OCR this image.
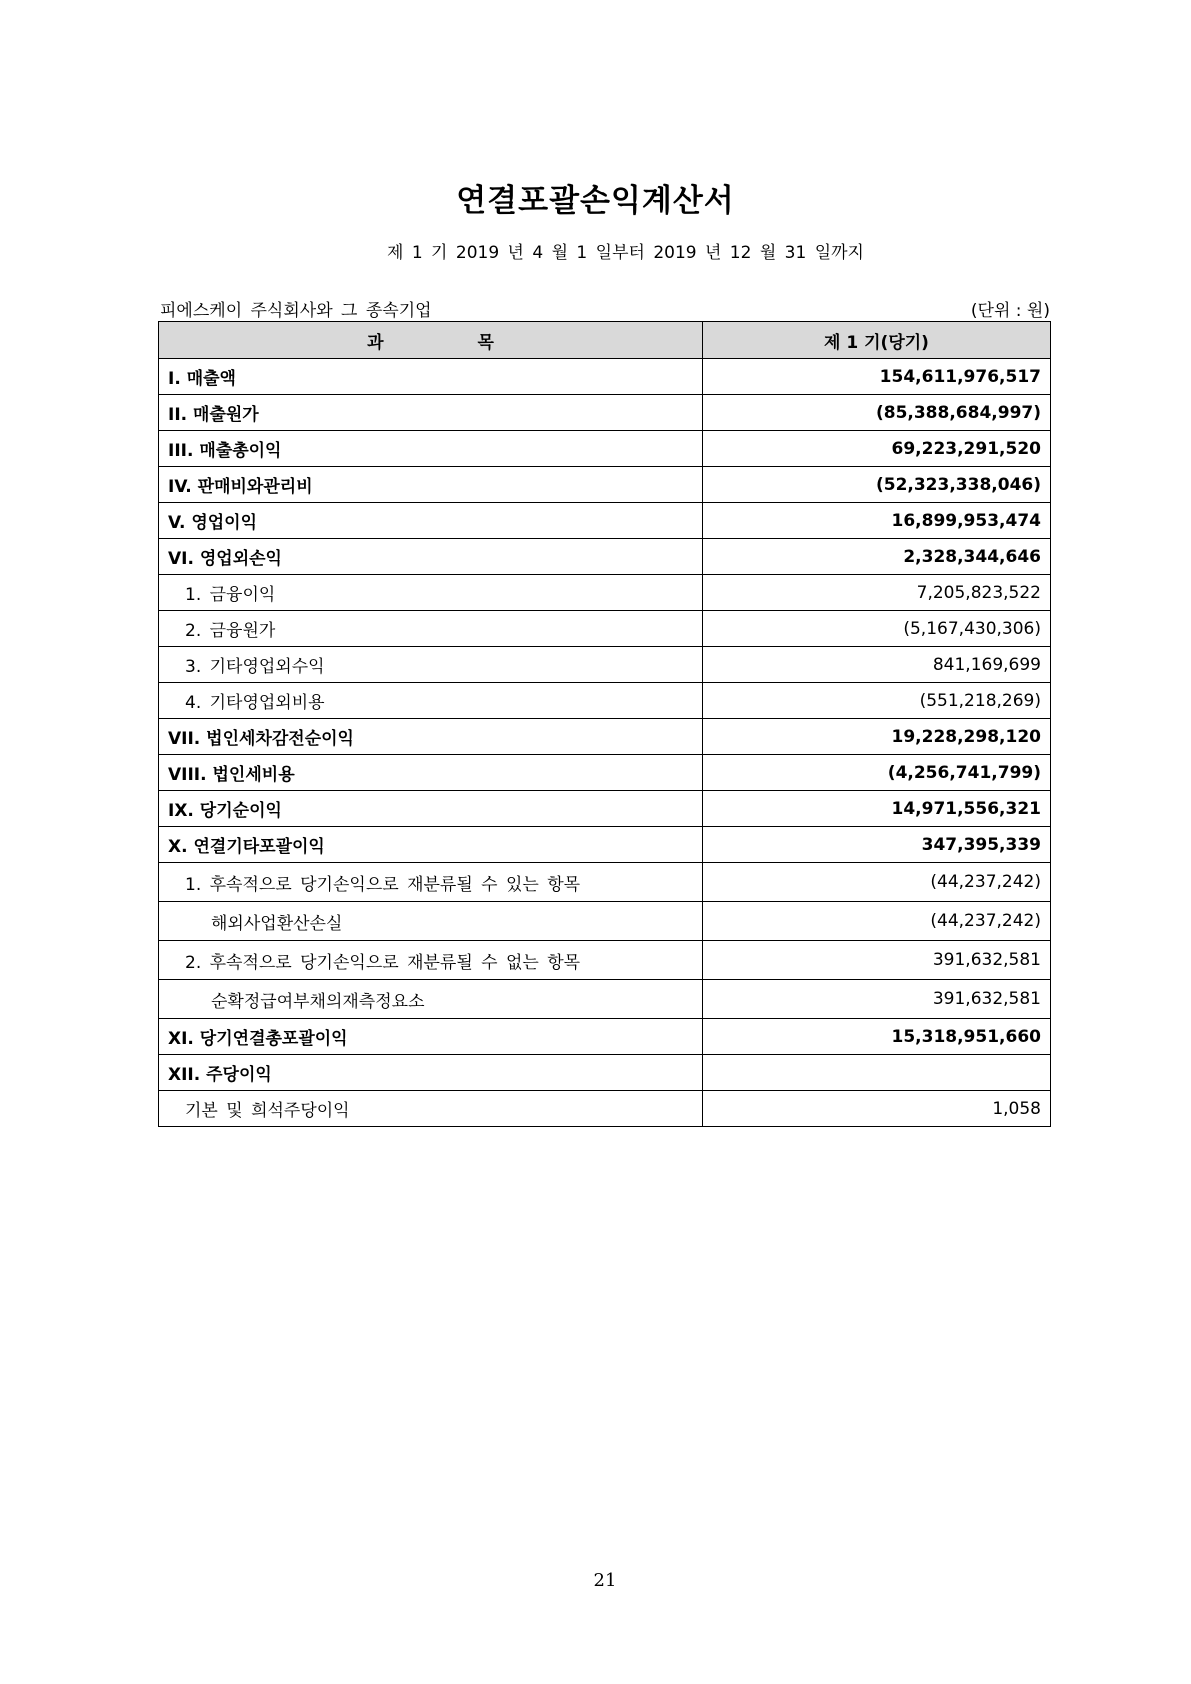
연결포괄손익계산서
제 1 기 2019 년 4 월 1 일부터 2019 년 12 월 31 일까지
피에스케이 주식회사와 그 종속기업	(단위 : 원)
과 목	제 1 기(당기)
I. 매출액	154,611,976,517
II. 매출원가	(85,388,684,997)
III. 매출총이익	69,223,291,520
IV. 판매비와관리비	(52,323,338,046)
V. 영업이익	16,899,953,474
VI. 영업외손익	2,328,344,646
1. 금융이익	7,205,823,522
2. 금융원가	(5,167,430,306)
3. 기타영업외수익	841,169,699
4. 기타영업외비용	(551,218,269)
VII. 법인세차감전순이익	19,228,298,120
VIII. 법인세비용	(4,256,741,799)
IX. 당기순이익	14,971,556,321
X. 연결기타포괄이익	347,395,339
1. 후속적으로 당기손익으로 재분류될 수 있는 항목	(44,237,242)
해외사업환산손실	(44,237,242)
2. 후속적으로 당기손익으로 재분류될 수 없는 항목	391,632,581
순확정급여부채의재측정요소	391,632,581
XI. 당기연결총포괄이익	15,318,951,660
XII. 주당이익	
기본 및 희석주당이익	1,058
21
